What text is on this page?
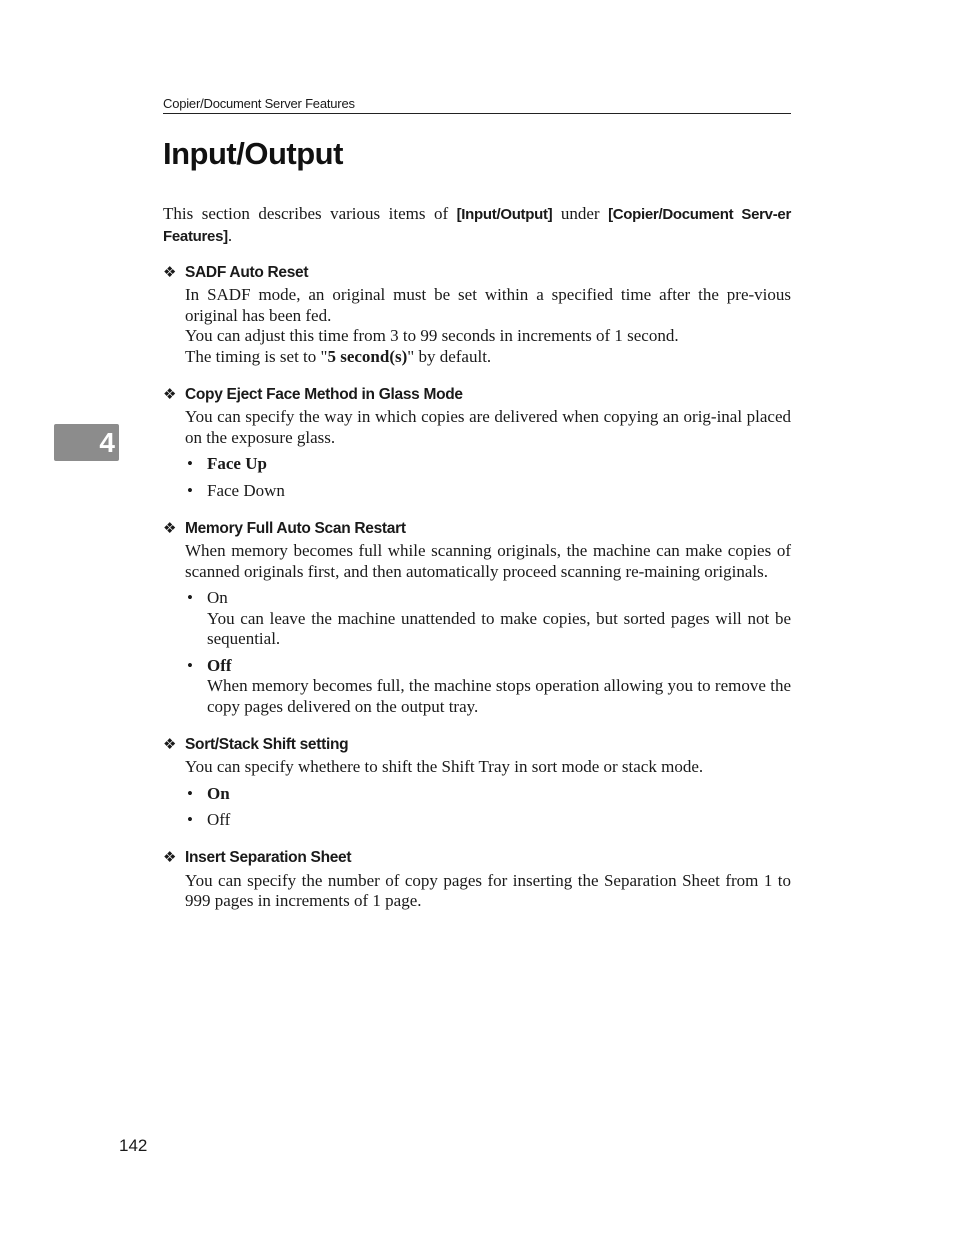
Copier/Document Server Features
Input/Output
4

This section describes various items of [Input/Output] under [Copier/Document Serv-er Features].

❖ SADF Auto Reset

In SADF mode, an original must be set within a specified time after the pre-vious original has been fed.

You can adjust this time from 3 to 99 seconds in increments of 1 second.

The timing is set to "5 second(s)" by default.

❖ Copy Eject Face Method in Glass Mode

You can specify the way in which copies are delivered when copying an orig-inal placed on the exposure glass.

• Face Up
• Face Down
❖ Memory Full Auto Scan Restart

When memory becomes full while scanning originals, the machine can make copies of scanned originals first, and then automatically proceed scanning re-maining originals.

• On
You can leave the machine unattended to make copies, but sorted pages will not be sequential.
• Off
When memory becomes full, the machine stops operation allowing you to remove the copy pages delivered on the output tray.
❖ Sort/Stack Shift setting

You can specify whethere to shift the Shift Tray in sort mode or stack mode.

• On
• Off
❖ Insert Separation Sheet

You can specify the number of copy pages for inserting the Separation Sheet from 1 to 999 pages in increments of 1 page.

142
